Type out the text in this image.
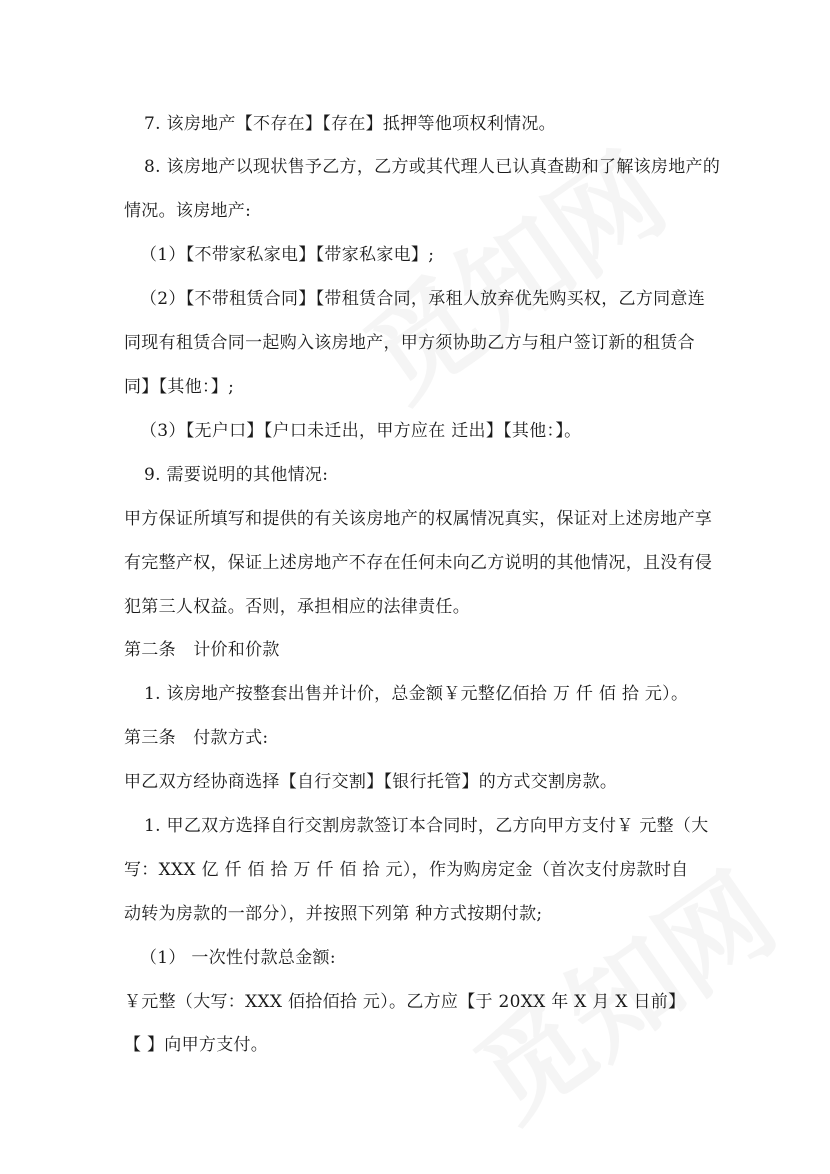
7. 该房地产【不存在】【存在】抵押等他项权利情况。
8. 该房地产以现状售予乙方，乙方或其代理人已认真查勘和了解该房地产的
情况。该房地产:
（1）【不带家私家电】【带家私家电】;
（2）【不带租赁合同】【带租赁合同，承租人放弃优先购买权，乙方同意连
同现有租赁合同一起购入该房地产，甲方须协助乙方与租户签订新的租赁合
同】【其他：】;
（3）【无户口】【户口未迁出，甲方应在 迁出】【其他：】。
9. 需要说明的其他情况:
甲方保证所填写和提供的有关该房地产的权属情况真实，保证对上述房地产享
有完整产权，保证上述房地产不存在任何未向乙方说明的其他情况，且没有侵
犯第三人权益。否则，承担相应的法律责任。
第二条　计价和价款
1. 该房地产按整套出售并计价，总金额￥元整亿佰拾 万 仟 佰 拾 元）。
第三条　付款方式:
甲乙双方经协商选择【自行交割】【银行托管】的方式交割房款。
1. 甲乙双方选择自行交割房款签订本合同时，乙方向甲方支付￥ 元整（大
写：XXX 亿 仟 佰 拾 万 仟 佰 拾 元），作为购房定金（首次支付房款时自
动转为房款的一部分），并按照下列第 种方式按期付款;
（1） 一次性付款总金额:
￥元整（大写：XXX 佰拾佰拾 元）。乙方应【于 20XX 年 X 月 X 日前】
【 】向甲方支付。
